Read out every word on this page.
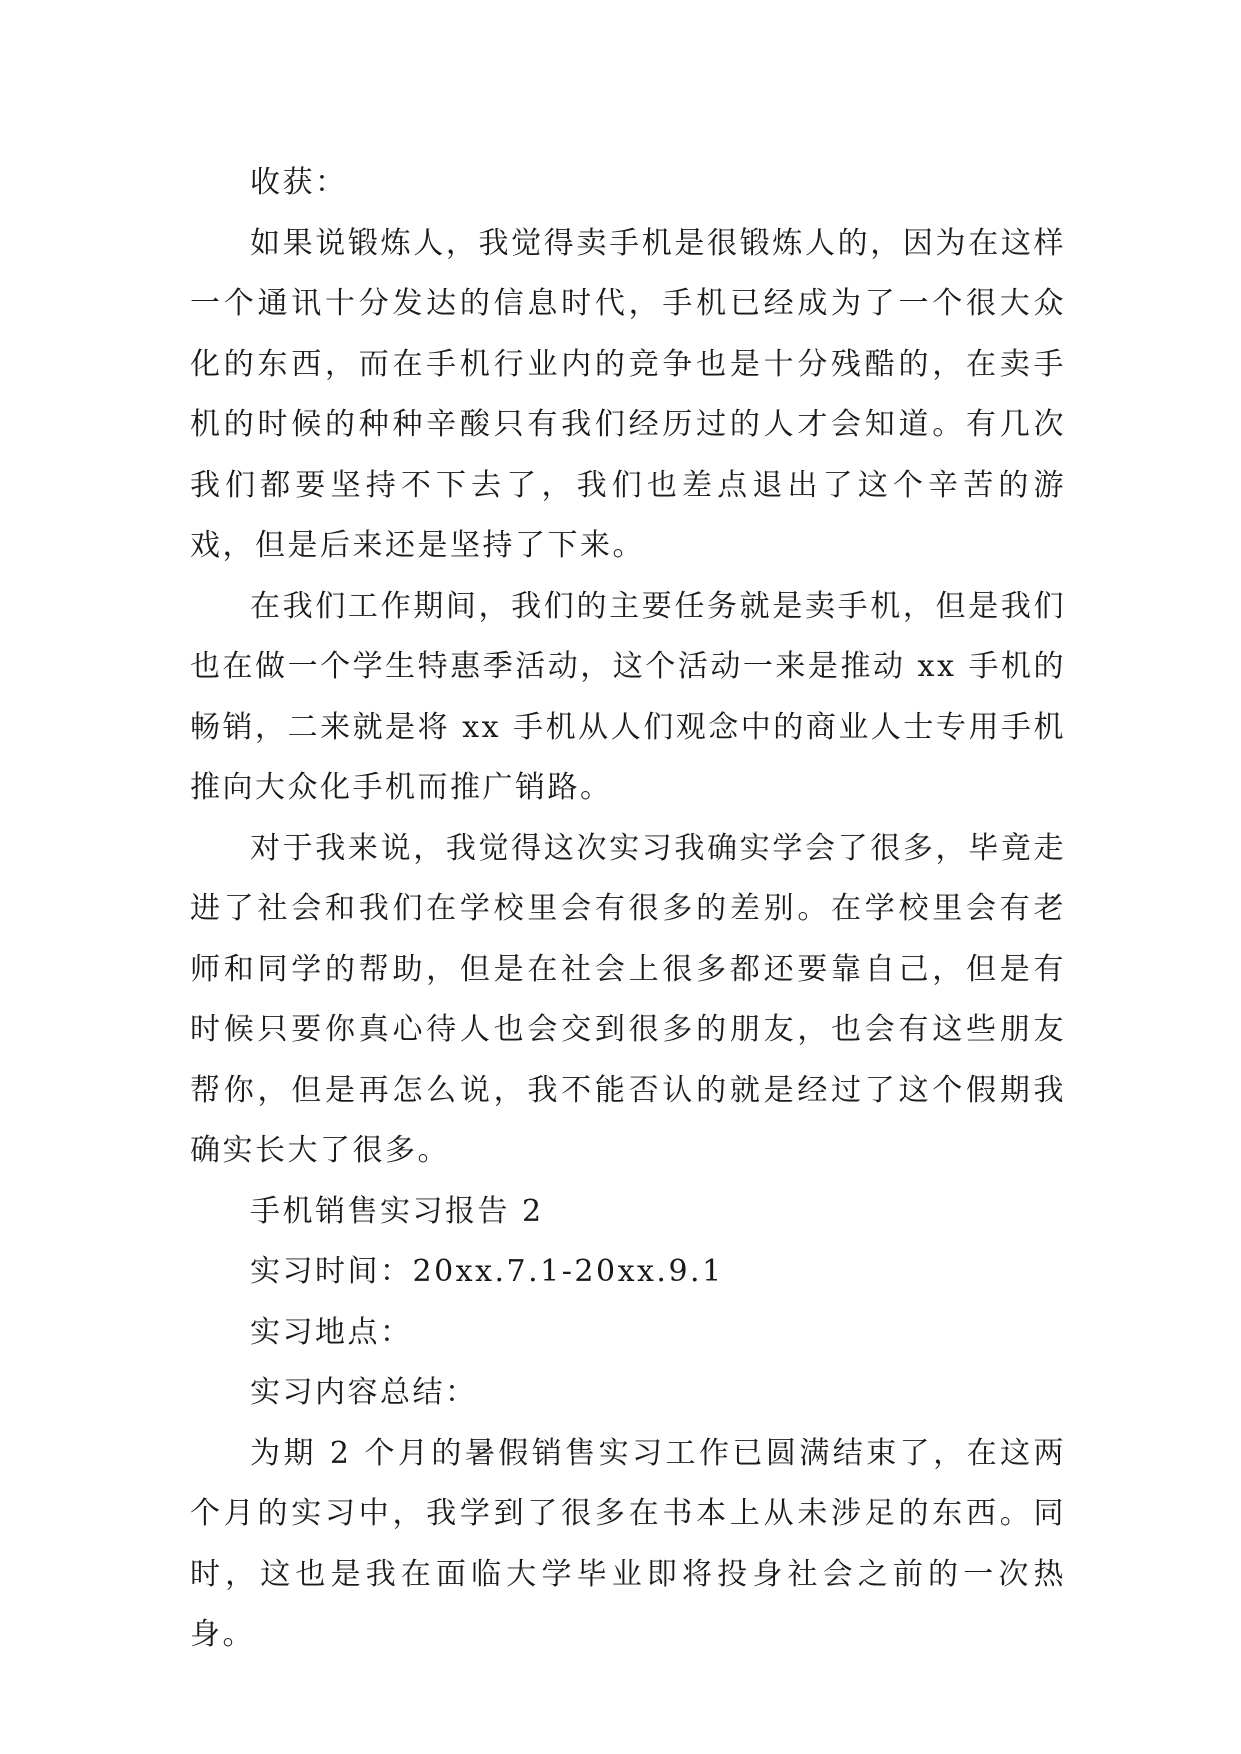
收获：

如果说锻炼人，我觉得卖手机是很锻炼人的，因为在这样一个通讯十分发达的信息时代，手机已经成为了一个很大众化的东西，而在手机行业内的竞争也是十分残酷的，在卖手机的时候的种种辛酸只有我们经历过的人才会知道。有几次我们都要坚持不下去了，我们也差点退出了这个辛苦的游戏，但是后来还是坚持了下来。

在我们工作期间，我们的主要任务就是卖手机，但是我们也在做一个学生特惠季活动，这个活动一来是推动 xx 手机的畅销，二来就是将 xx 手机从人们观念中的商业人士专用手机推向大众化手机而推广销路。

对于我来说，我觉得这次实习我确实学会了很多，毕竟走进了社会和我们在学校里会有很多的差别。在学校里会有老师和同学的帮助，但是在社会上很多都还要靠自己，但是有时候只要你真心待人也会交到很多的朋友，也会有这些朋友帮你，但是再怎么说，我不能否认的就是经过了这个假期我确实长大了很多。

手机销售实习报告 2

实习时间：20xx.7.1-20xx.9.1

实习地点：

实习内容总结：

为期 2 个月的暑假销售实习工作已圆满结束了，在这两个月的实习中，我学到了很多在书本上从未涉足的东西。同时，这也是我在面临大学毕业即将投身社会之前的一次热身。
